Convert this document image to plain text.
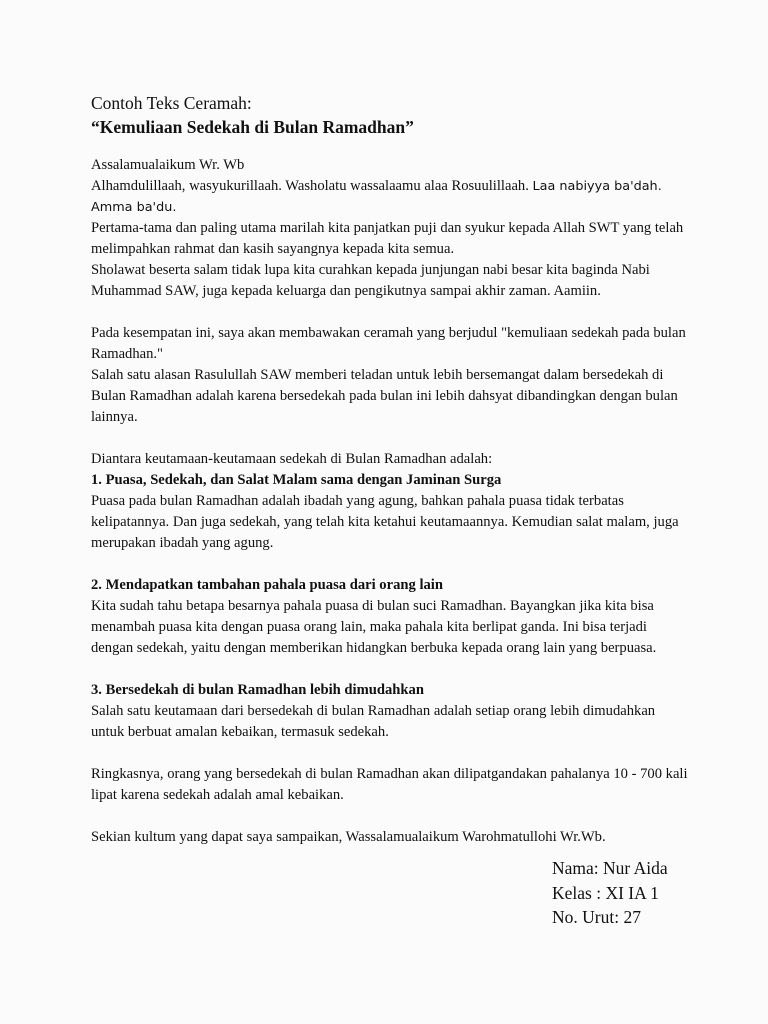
Contoh Teks Ceramah:
“Kemuliaan Sedekah di Bulan Ramadhan”

Assalamualaikum Wr. Wb

Alhamdulillaah, wasyukurillaah. Washolatu wassalaamu alaa Rosuulillaah. Laa nabiyya ba'dah.
Amma ba'du.

Pertama-tama dan paling utama marilah kita panjatkan puji dan syukur kepada Allah SWT yang telah melimpahkan rahmat dan kasih sayangnya kepada kita semua.

Sholawat beserta salam tidak lupa kita curahkan kepada junjungan nabi besar kita baginda Nabi Muhammad SAW, juga kepada keluarga dan pengikutnya sampai akhir zaman. Aamiin.

Pada kesempatan ini, saya akan membawakan ceramah yang berjudul "kemuliaan sedekah pada bulan Ramadhan."

Salah satu alasan Rasulullah SAW memberi teladan untuk lebih bersemangat dalam bersedekah di Bulan Ramadhan adalah karena bersedekah pada bulan ini lebih dahsyat dibandingkan dengan bulan lainnya.

Diantara keutamaan-keutamaan sedekah di Bulan Ramadhan adalah:

1. Puasa, Sedekah, dan Salat Malam sama dengan Jaminan Surga

Puasa pada bulan Ramadhan adalah ibadah yang agung, bahkan pahala puasa tidak terbatas kelipatannya. Dan juga sedekah, yang telah kita ketahui keutamaannya. Kemudian salat malam, juga merupakan ibadah yang agung.

2. Mendapatkan tambahan pahala puasa dari orang lain

Kita sudah tahu betapa besarnya pahala puasa di bulan suci Ramadhan. Bayangkan jika kita bisa menambah puasa kita dengan puasa orang lain, maka pahala kita berlipat ganda. Ini bisa terjadi dengan sedekah, yaitu dengan memberikan hidangkan berbuka kepada orang lain yang berpuasa.

3. Bersedekah di bulan Ramadhan lebih dimudahkan

Salah satu keutamaan dari bersedekah di bulan Ramadhan adalah setiap orang lebih dimudahkan untuk berbuat amalan kebaikan, termasuk sedekah.

Ringkasnya, orang yang bersedekah di bulan Ramadhan akan dilipatgandakan pahalanya 10 - 700 kali lipat karena sedekah adalah amal kebaikan.

Sekian kultum yang dapat saya sampaikan, Wassalamualaikum Warohmatullohi Wr.Wb.

Nama: Nur Aida
Kelas : XI IA 1
No. Urut: 27
